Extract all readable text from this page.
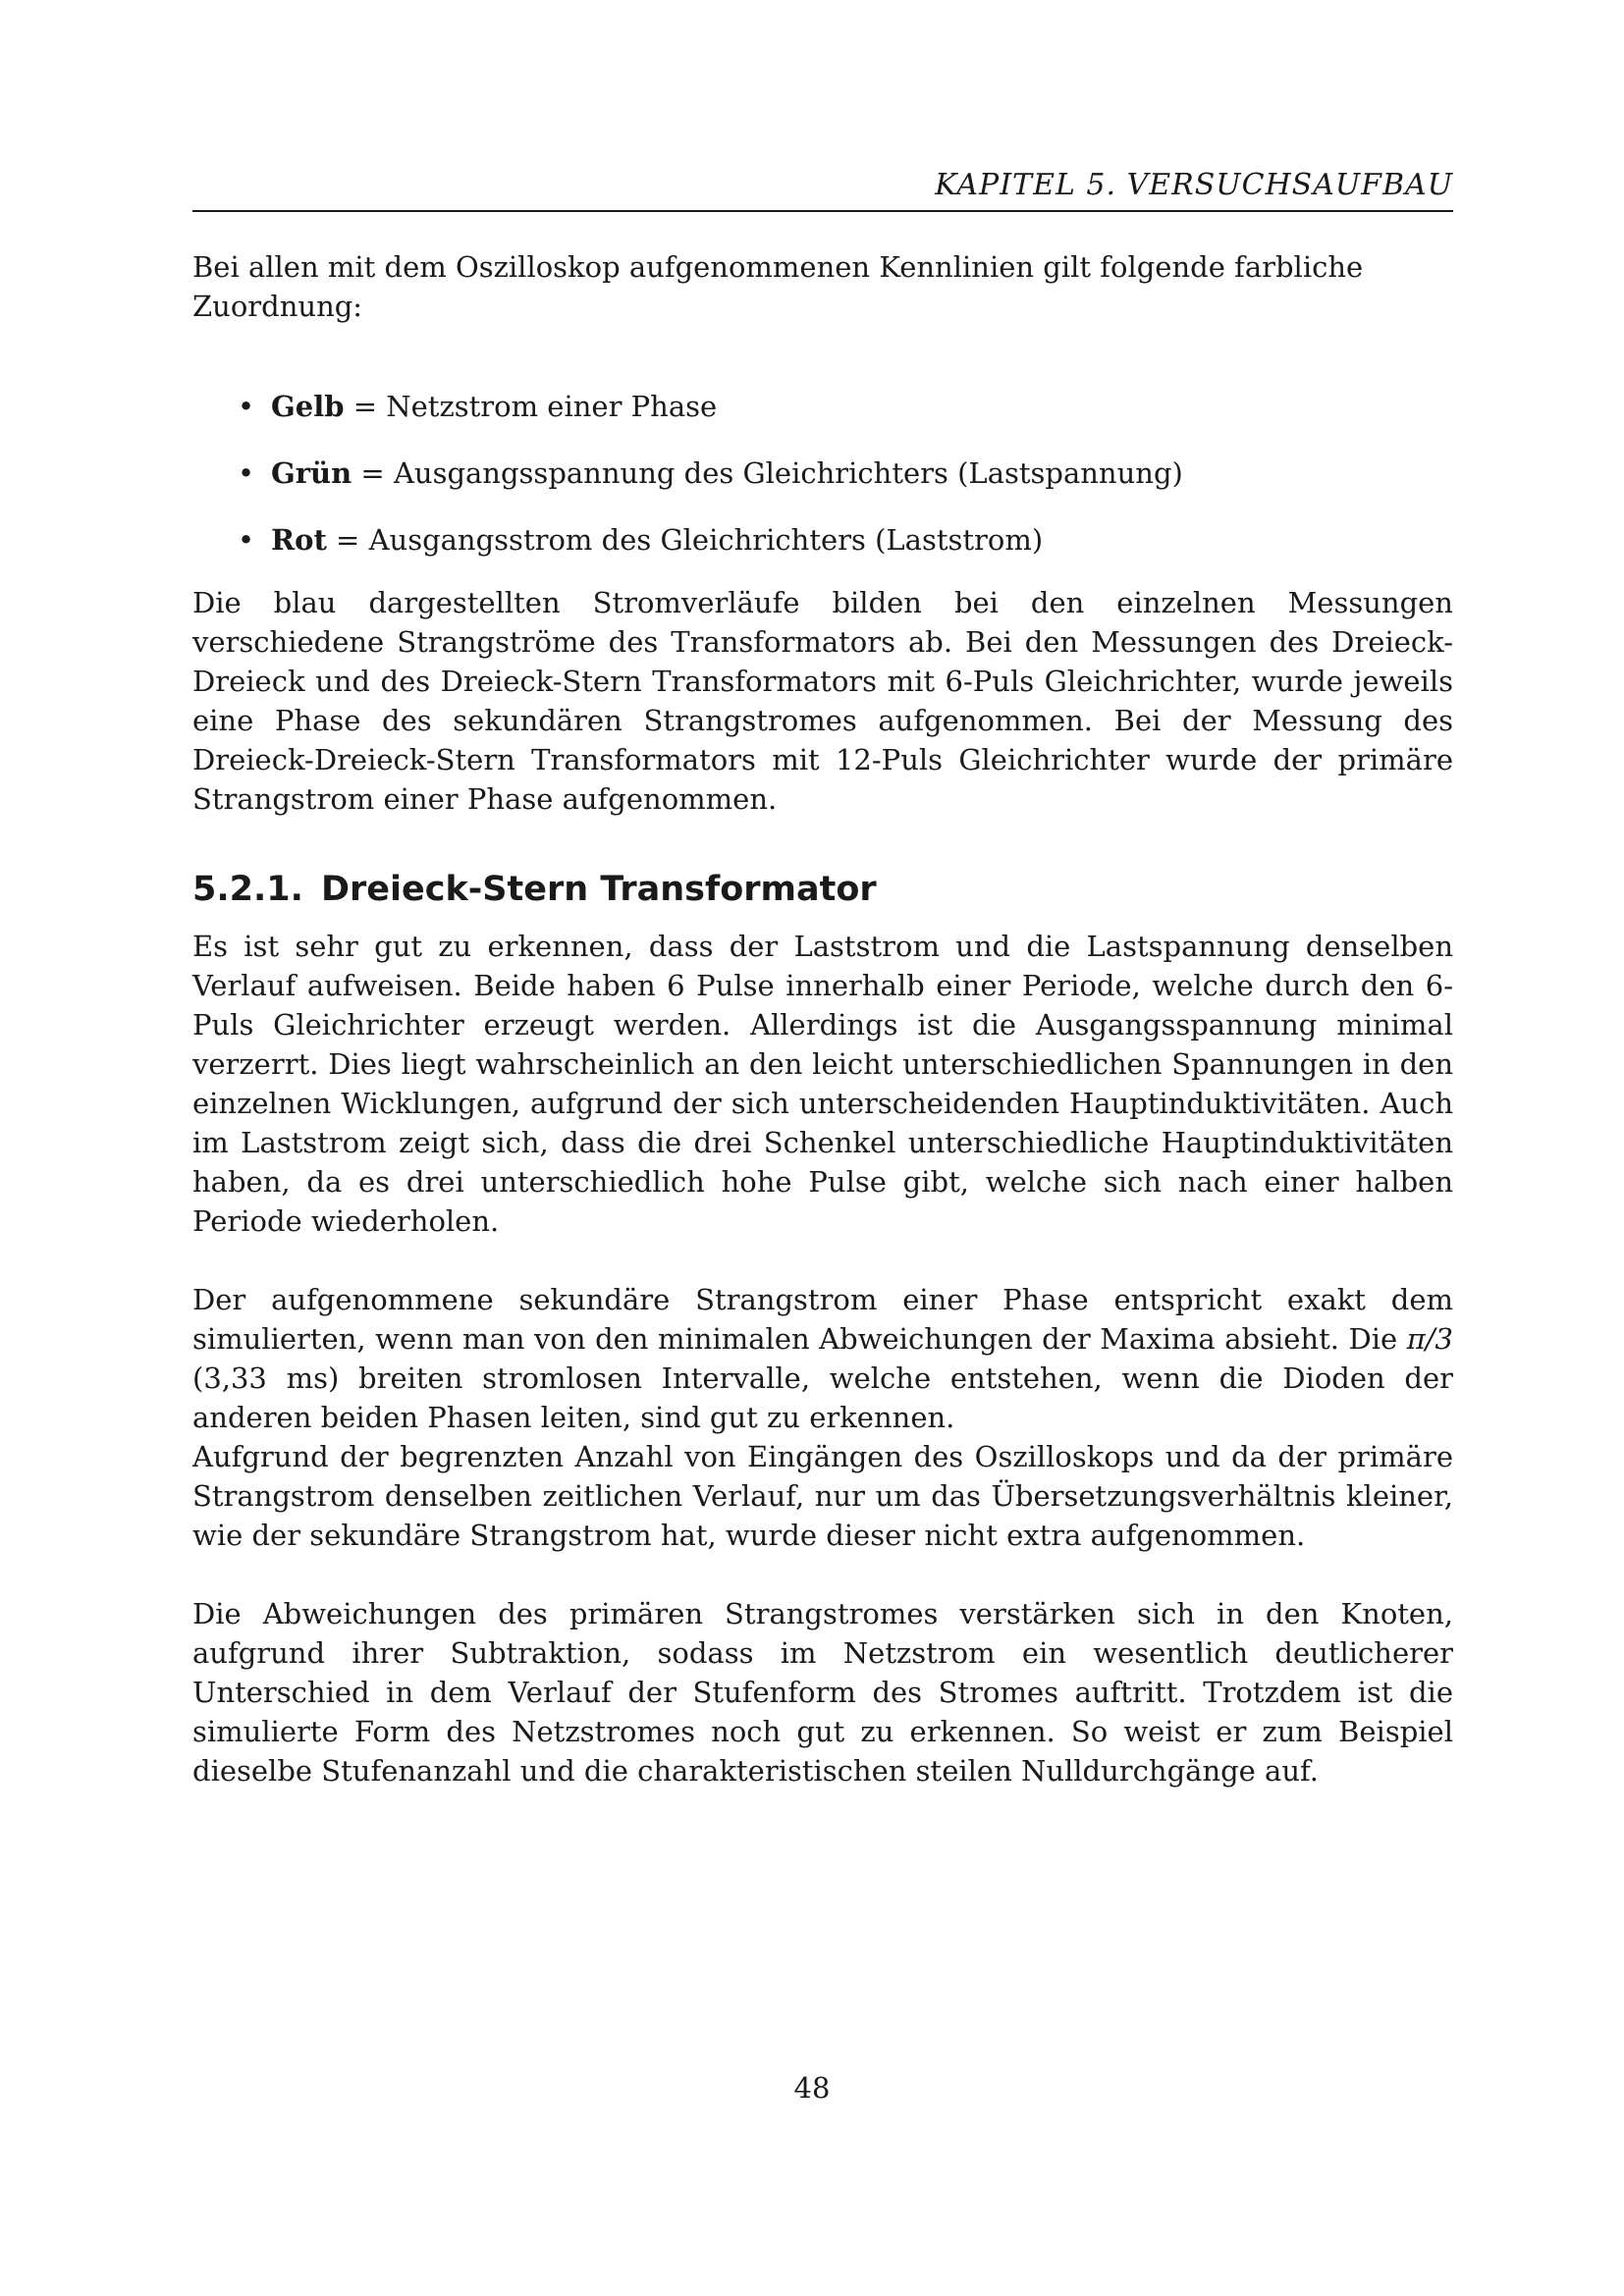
KAPITEL 5. VERSUCHSAUFBAU
Bei allen mit dem Oszilloskop aufgenommenen Kennlinien gilt folgende farbliche Zuordnung:
• Gelb = Netzstrom einer Phase
• Grün = Ausgangsspannung des Gleichrichters (Lastspannung)
• Rot = Ausgangsstrom des Gleichrichters (Laststrom)

Die blau dargestellten Stromverläufe bilden bei den einzelnen Messungen verschiedene Strangströme des Transformators ab. Bei den Messungen des Dreieck-Dreieck und des Dreieck-Stern Transformators mit 6-Puls Gleichrichter, wurde jeweils eine Phase des sekundären Strangstromes aufgenommen. Bei der Messung des Dreieck-Dreieck-Stern Transformators mit 12-Puls Gleichrichter wurde der primäre Strangstrom einer Phase aufgenommen.

5.2.1. Dreieck-Stern Transformator

Es ist sehr gut zu erkennen, dass der Laststrom und die Lastspannung denselben Verlauf aufweisen. Beide haben 6 Pulse innerhalb einer Periode, welche durch den 6-Puls Gleichrichter erzeugt werden. Allerdings ist die Ausgangsspannung minimal verzerrt. Dies liegt wahrscheinlich an den leicht unterschiedlichen Spannungen in den einzelnen Wicklungen, aufgrund der sich unterscheidenden Hauptinduktivitäten. Auch im Laststrom zeigt sich, dass die drei Schenkel unterschiedliche Hauptinduktivitäten haben, da es drei unterschiedlich hohe Pulse gibt, welche sich nach einer halben Periode wiederholen.

Der aufgenommene sekundäre Strangstrom einer Phase entspricht exakt dem simulierten, wenn man von den minimalen Abweichungen der Maxima absieht. Die π/3 (3,33 ms) breiten stromlosen Intervalle, welche entstehen, wenn die Dioden der anderen beiden Phasen leiten, sind gut zu erkennen.

Aufgrund der begrenzten Anzahl von Eingängen des Oszilloskops und da der primäre Strangstrom denselben zeitlichen Verlauf, nur um das Übersetzungsverhältnis kleiner, wie der sekundäre Strangstrom hat, wurde dieser nicht extra aufgenommen.

Die Abweichungen des primären Strangstromes verstärken sich in den Knoten, aufgrund ihrer Subtraktion, sodass im Netzstrom ein wesentlich deutlicherer Unterschied in dem Verlauf der Stufenform des Stromes auftritt. Trotzdem ist die simulierte Form des Netzstromes noch gut zu erkennen. So weist er zum Beispiel dieselbe Stufenanzahl und die charakteristischen steilen Nulldurchgänge auf.

48
